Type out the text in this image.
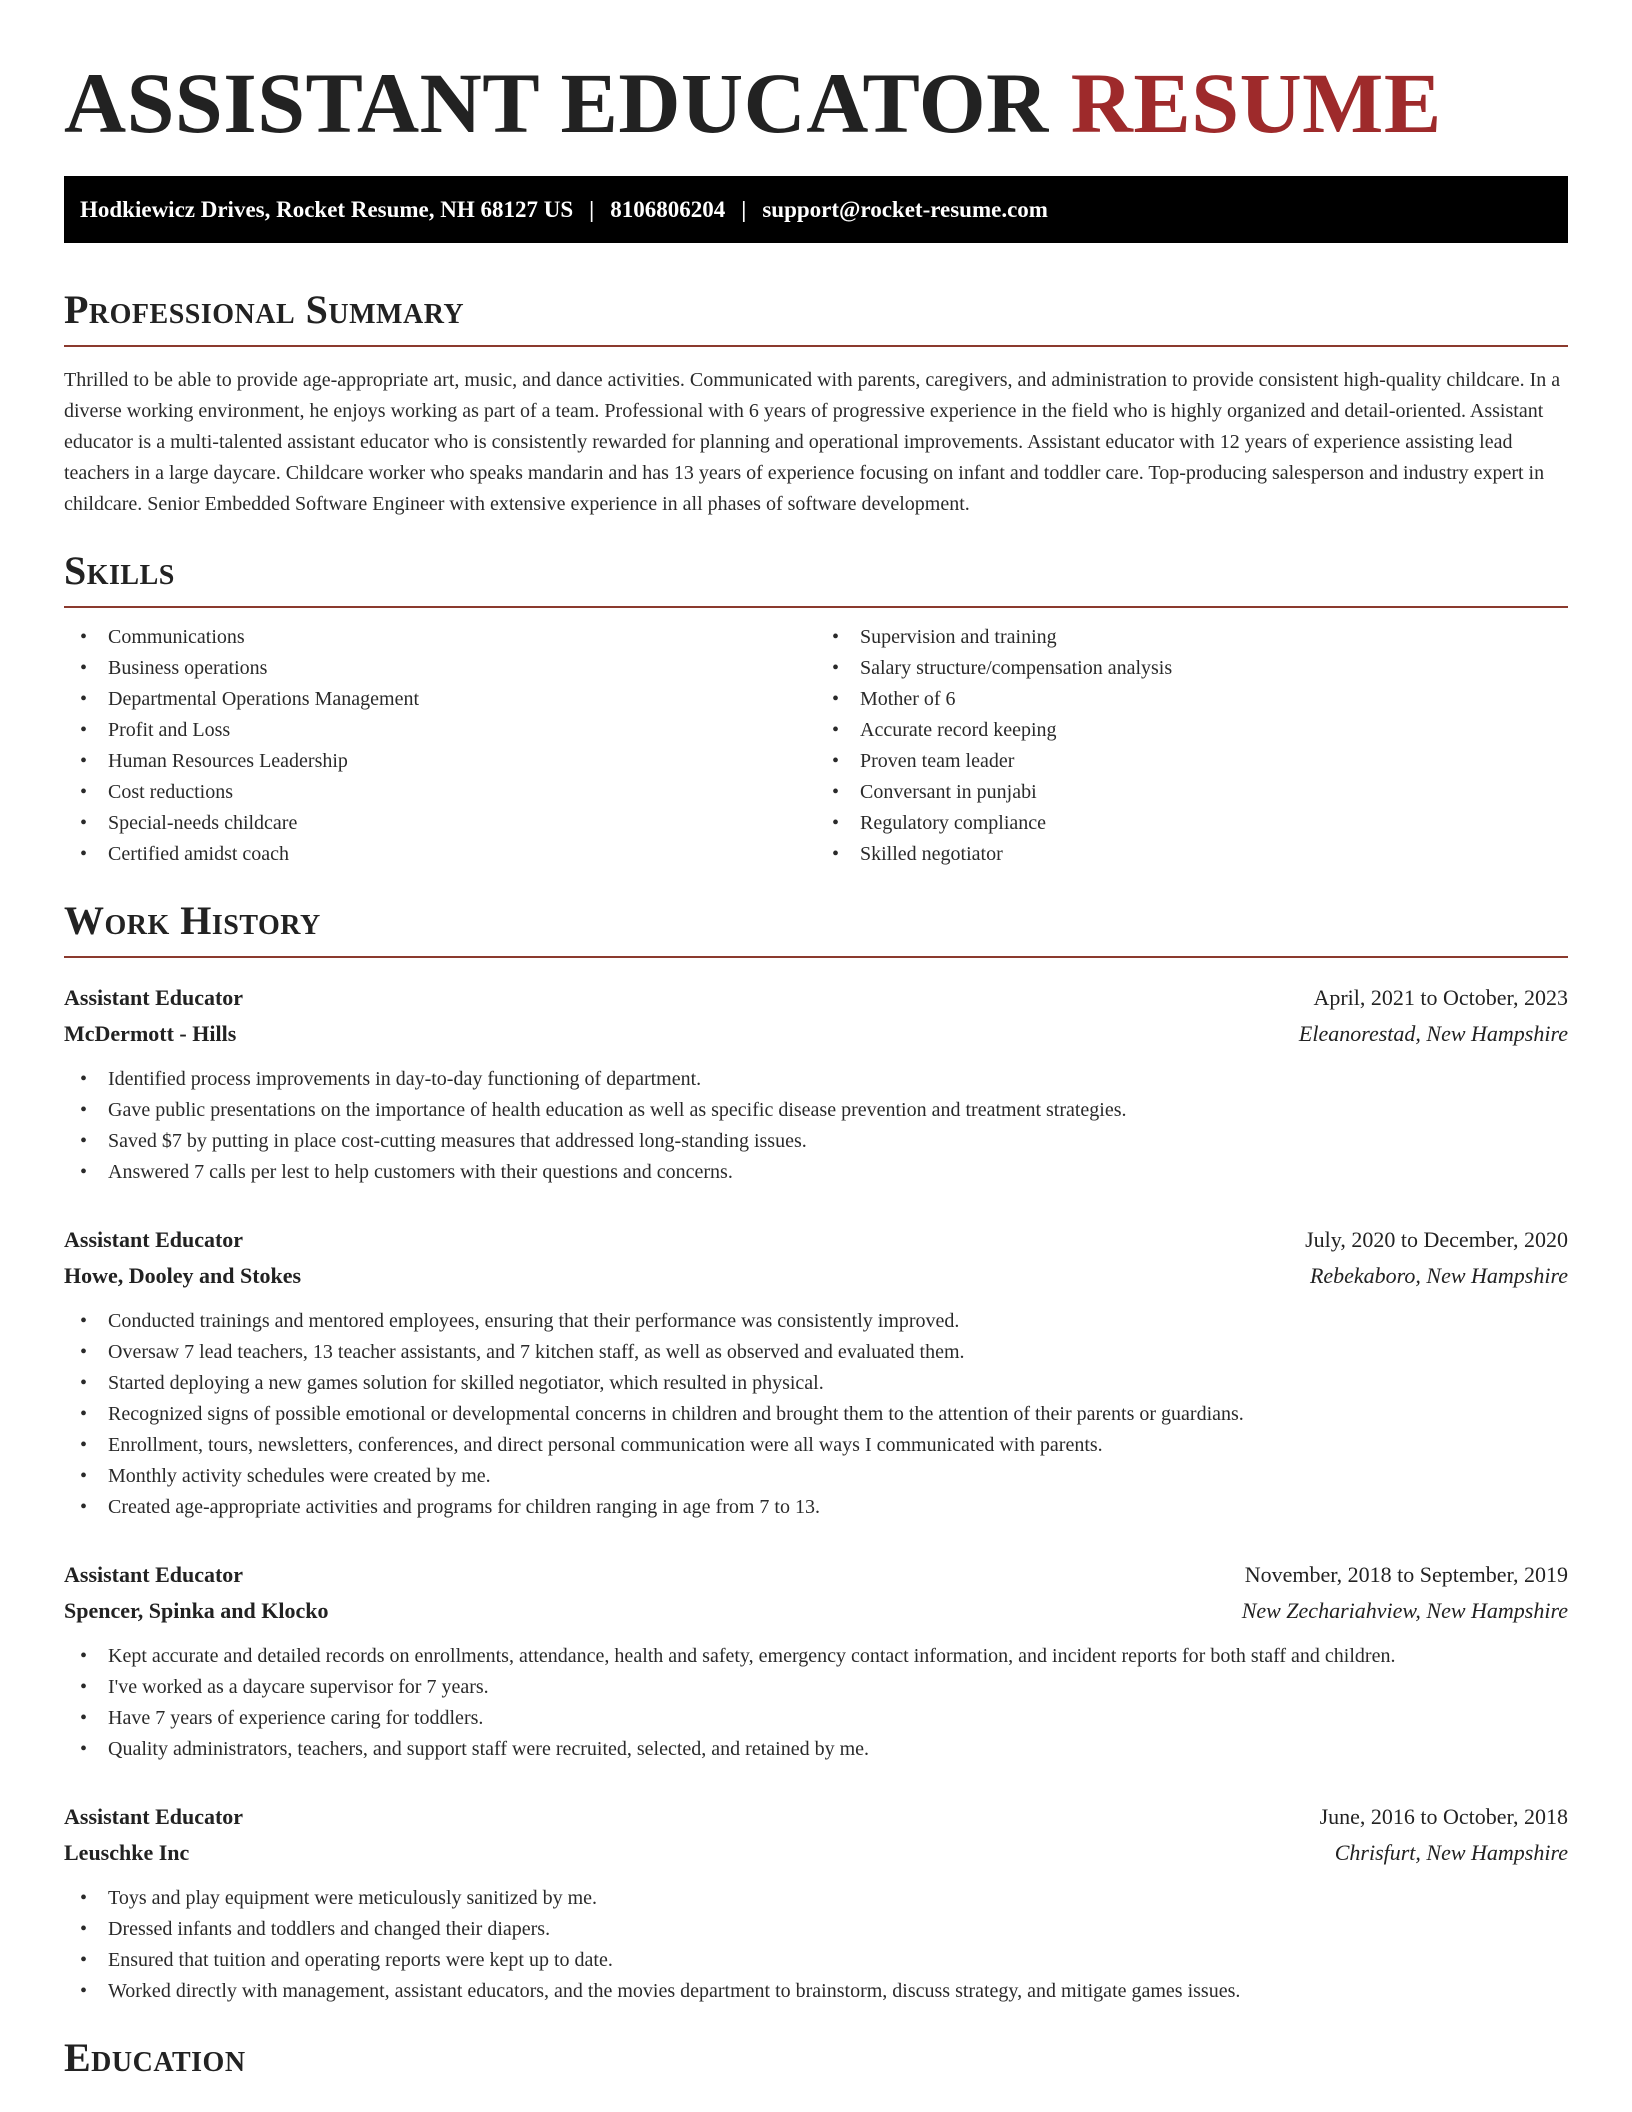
ASSISTANT EDUCATOR RESUME
Hodkiewicz Drives, Rocket Resume, NH 68127 US | 8106806204 | support@rocket-resume.com
Professional Summary

Thrilled to be able to provide age-appropriate art, music, and dance activities. Communicated with parents, caregivers, and administration to provide consistent high-quality childcare. In a diverse working environment, he enjoys working as part of a team. Professional with 6 years of progressive experience in the field who is highly organized and detail-oriented. Assistant educator is a multi-talented assistant educator who is consistently rewarded for planning and operational improvements. Assistant educator with 12 years of experience assisting lead teachers in a large daycare. Childcare worker who speaks mandarin and has 13 years of experience focusing on infant and toddler care. Top-producing salesperson and industry expert in childcare. Senior Embedded Software Engineer with extensive experience in all phases of software development.

Skills
• Communications
• Business operations
• Departmental Operations Management
• Profit and Loss
• Human Resources Leadership
• Cost reductions
• Special-needs childcare
• Certified amidst coach
• Supervision and training
• Salary structure/compensation analysis
• Mother of 6
• Accurate record keeping
• Proven team leader
• Conversant in punjabi
• Regulatory compliance
• Skilled negotiator
Work History
Assistant Educator	April, 2021 to October, 2023
McDermott - Hills	Eleanorestad, New Hampshire
• Identified process improvements in day-to-day functioning of department.
• Gave public presentations on the importance of health education as well as specific disease prevention and treatment strategies.
• Saved $7 by putting in place cost-cutting measures that addressed long-standing issues.
• Answered 7 calls per lest to help customers with their questions and concerns.
Assistant Educator	July, 2020 to December, 2020
Howe, Dooley and Stokes	Rebekaboro, New Hampshire
• Conducted trainings and mentored employees, ensuring that their performance was consistently improved.
• Oversaw 7 lead teachers, 13 teacher assistants, and 7 kitchen staff, as well as observed and evaluated them.
• Started deploying a new games solution for skilled negotiator, which resulted in physical.
• Recognized signs of possible emotional or developmental concerns in children and brought them to the attention of their parents or guardians.
• Enrollment, tours, newsletters, conferences, and direct personal communication were all ways I communicated with parents.
• Monthly activity schedules were created by me.
• Created age-appropriate activities and programs for children ranging in age from 7 to 13.
Assistant Educator	November, 2018 to September, 2019
Spencer, Spinka and Klocko	New Zechariahview, New Hampshire
• Kept accurate and detailed records on enrollments, attendance, health and safety, emergency contact information, and incident reports for both staff and children.
• I've worked as a daycare supervisor for 7 years.
• Have 7 years of experience caring for toddlers.
• Quality administrators, teachers, and support staff were recruited, selected, and retained by me.
Assistant Educator	June, 2016 to October, 2018
Leuschke Inc	Chrisfurt, New Hampshire
• Toys and play equipment were meticulously sanitized by me.
• Dressed infants and toddlers and changed their diapers.
• Ensured that tuition and operating reports were kept up to date.
• Worked directly with management, assistant educators, and the movies department to brainstorm, discuss strategy, and mitigate games issues.
Education
